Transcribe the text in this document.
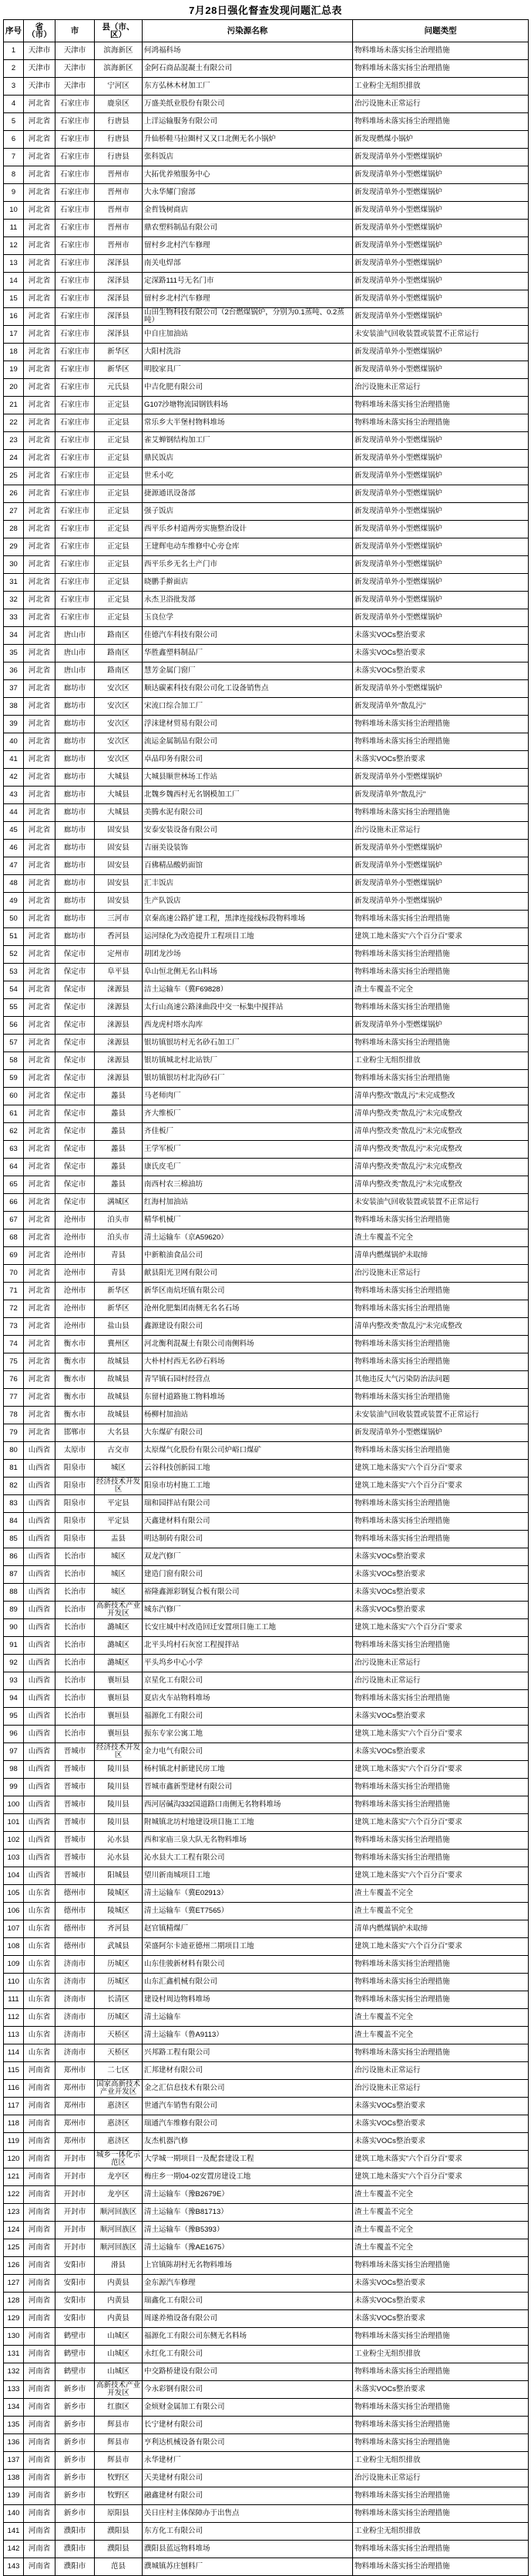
7月28日强化督查发现问题汇总表
序号	省（市）	市	县（市、区）	污染源名称	问题类型
1	天津市	天津市	滨海新区	何鸿福科场	物料堆场未落实扬尘治理措施
2	天津市	天津市	滨海新区	金阿石商品混凝土有限公司	物料堆场未落实扬尘治理措施
3	天津市	天津市	宁河区	东方弘林木材加工厂	工业粉尘无组织排放
4	河北省	石家庄市	鹿泉区	万盛美纸业股份有限公司	治污设施未正常运行
5	河北省	石家庄市	行唐县	上洋运输服务有限公司	物料堆场未落实扬尘治理措施
6	河北省	石家庄市	行唐县	升仙桥鞋马拉圈村又又口北侧无名小锅炉	新发现燃煤小锅炉
7	河北省	石家庄市	行唐县	张科饭店	新发现清单外小型燃煤锅炉
8	河北省	石家庄市	晋州市	大拓优养殖服务中心	新发现清单外小型燃煤锅炉
9	河北省	石家庄市	晋州市	大永华耀门窗部	新发现清单外小型燃煤锅炉
10	河北省	石家庄市	晋州市	金哲钱树商店	新发现清单外小型燃煤锅炉
11	河北省	石家庄市	晋州市	鼎农塑料制品有限公司	新发现清单外小型燃煤锅炉
12	河北省	石家庄市	晋州市	留村乡北村汽车修理	新发现清单外小型燃煤锅炉
13	河北省	石家庄市	深泽县	南关电焊部	新发现清单外小型燃煤锅炉
14	河北省	石家庄市	深泽县	定深路111号无名门市	新发现清单外小型燃煤锅炉
15	河北省	石家庄市	深泽县	留村乡北村汽车修理	新发现清单外小型燃煤锅炉
16	河北省	石家庄市	深泽县	山田生物科技有限公司（2台燃煤锅炉，分别为0.1蒸吨、0.2蒸吨）	新发现清单外小型燃煤锅炉
17	河北省	石家庄市	深泽县	中自庄加油站	未安装油气回收装置或装置不正常运行
18	河北省	石家庄市	新华区	大阳村洗浴	新发现清单外小型燃煤锅炉
19	河北省	石家庄市	新华区	明胶家具厂	新发现清单外小型燃煤锅炉
20	河北省	石家庄市	元氏县	中吉化肥有限公司	治污设施未正常运行
21	河北省	石家庄市	正定县	G107沙塘物流园钢铁料场	物料堆场未落实扬尘治理措施
22	河北省	石家庄市	正定县	常乐乡大半堡村物料堆场	物料堆场未落实扬尘治理措施
23	河北省	石家庄市	正定县	雀艾蝉钢结构加工厂	新发现清单外小型燃煤锅炉
24	河北省	石家庄市	正定县	鼎民饭店	新发现清单外小型燃煤锅炉
25	河北省	石家庄市	正定县	世禾小吃	新发现清单外小型燃煤锅炉
26	河北省	石家庄市	正定县	捷源通讯设备部	新发现清单外小型燃煤锅炉
27	河北省	石家庄市	正定县	强子饭店	新发现清单外小型燃煤锅炉
28	河北省	石家庄市	正定县	西平乐乡村道两旁实施整治设计	新发现清单外小型燃煤锅炉
29	河北省	石家庄市	正定县	王建辉电动车维修中心旁仓库	新发现清单外小型燃煤锅炉
30	河北省	石家庄市	正定县	西平乐乡无名土产门市	新发现清单外小型燃煤锅炉
31	河北省	石家庄市	正定县	晓鹏手擀面店	新发现清单外小型燃煤锅炉
32	河北省	石家庄市	正定县	永杰卫浴批发部	新发现清单外小型燃煤锅炉
33	河北省	石家庄市	正定县	玉良位学	新发现清单外小型燃煤锅炉
34	河北省	唐山市	路南区	佳德汽车科技有限公司	未落实VOCs整治要求
35	河北省	唐山市	路南区	华胜鑫塑料制品厂	未落实VOCs整治要求
36	河北省	唐山市	路南区	慧芳金属门窗厂	未落实VOCs整治要求
37	河北省	廊坊市	安次区	顺达碳素科技有限公司化工设备销售点	新发现清单外小型燃煤锅炉
38	河北省	廊坊市	安次区	宋流口综合加工厂	新发现清单外"散乱污"
39	河北省	廊坊市	安次区	浮沫建材贸易有限公司	物料堆场未落实扬尘治理措施
40	河北省	廊坊市	安次区	流运金属制品有限公司	物料堆场未落实扬尘治理措施
41	河北省	廊坊市	安次区	卓品印务有限公司	未落实VOCs整治要求
42	河北省	廊坊市	大城县	大城县顺世林场工作站	新发现清单外小型燃煤锅炉
43	河北省	廊坊市	大城县	北魏乡魏西村无名钢模加工厂	新发现清单外"散乱污"
44	河北省	廊坊市	大城县	美腾水泥有限公司	物料堆场未落实扬尘治理措施
45	河北省	廊坊市	固安县	安泰安装设备有限公司	治污设施未正常运行
46	河北省	廊坊市	固安县	吉丽美设装饰	新发现清单外小型燃煤锅炉
47	河北省	廊坊市	固安县	百佛精品酸奶面馆	新发现清单外小型燃煤锅炉
48	河北省	廊坊市	固安县	汇丰饭店	新发现清单外小型燃煤锅炉
49	河北省	廊坊市	固安县	生产队饭店	新发现清单外小型燃煤锅炉
50	河北省	廊坊市	三河市	京秦高速公路扩建工程，黑津连接线标段物料堆场	物料堆场未落实扬尘治理措施
51	河北省	廊坊市	香河县	运河绿化为改造提升工程项目工地	建筑工地未落实"六个百分百"要求
52	河北省	保定市	定州市	胡团龙沙场	物料堆场未落实扬尘治理措施
53	河北省	保定市	阜平县	阜山恒北侧无名山料场	物料堆场未落实扬尘治理措施
54	河北省	保定市	涞源县	洁土运输车（冀F69828）	渣土车覆盖不完全
55	河北省	保定市	涞源县	太行山高速公路涞曲段中交一标集中搅拌站	物料堆场未落实扬尘治理措施
56	河北省	保定市	涞源县	西龙虎村塔水沟库	新发现清单外小型燃煤锅炉
57	河北省	保定市	涞源县	银坊镇银坊村无名砂石加工厂	物料堆场未落实扬尘治理措施
58	河北省	保定市	涞源县	银坊镇城北村北站铁厂	工业粉尘无组织排放
59	河北省	保定市	涞源县	银坊镇银坊村北沟砂石厂	物料堆场未落实扬尘治理措施
60	河北省	保定市	蠡县	马老师肉厂	清单内整改"散乱污"未完成整改
61	河北省	保定市	蠡县	齐大维板厂	清单内整改类"散乱污"未完成整改
62	河北省	保定市	蠡县	齐佳板厂	清单内整改类"散乱污"未完成整改
63	河北省	保定市	蠡县	王学军板厂	清单内整改类"散乱污"未完成整改
64	河北省	保定市	蠡县	康氏皮毛厂	清单内整改类"散乱污"未完成整改
65	河北省	保定市	蠡县	南西村农三棉油坊	清单内整改类"散乱污"未完成整改
66	河北省	保定市	满城区	红海村加油站	未安装油气回收装置或装置不正常运行
67	河北省	沧州市	泊头市	精华机械厂	物料堆场未落实扬尘治理措施
68	河北省	沧州市	泊头市	清土运输车（京A59620）	渣土车覆盖不完全
69	河北省	沧州市	青县	中新粮油食品公司	清单内燃煤锅炉未取缔
70	河北省	沧州市	青县	献县阳光卫网有限公司	治污设施未正常运行
71	河北省	沧州市	新华区	新华区南炕坯镇有限公司	物料堆场未落实扬尘治理措施
72	河北省	沧州市	新华区	沧州化肥集团南侧无名名石场	物料堆场未落实扬尘治理措施
73	河北省	沧州市	盐山县	鑫源建设有限公司	清单内整改类"散乱污"未完成整改
74	河北省	衡水市	冀州区	河北衡利混凝土有限公司南侧料场	物料堆场未落实扬尘治理措施
75	河北省	衡水市	故城县	大朴村村西无名砂石料场	物料堆场未落实扬尘治理措施
76	河北省	衡水市	故城县	青罕镇石园村经营点	其他违反大气污染防治法问题
77	河北省	衡水市	故城县	东留村道路施工物料堆场	物料堆场未落实扬尘治理措施
78	河北省	衡水市	故城县	杨柳村加油站	未安装油气回收装置或装置不正常运行
79	河北省	邯郸市	大名县	大东煤矿有限公司	新发现清单外小型燃煤锅炉
80	山西省	太原市	古交市	太原煤气化股份有限公司炉峪口煤矿	物料堆场未落实扬尘治理措施
81	山西省	阳泉市	城区	云谷科技创新园工地	建筑工地未落实"六个百分百"要求
82	山西省	阳泉市	经济技术开发区	阳泉市坊村施工工地	建筑工地未落实"六个百分百"要求
83	山西省	阳泉市	平定县	瑞和园拌站有限公司	物料堆场未落实扬尘治理措施
84	山西省	阳泉市	平定县	天鑫建材料有限公司	物料堆场未落实扬尘治理措施
85	山西省	阳泉市	盂县	明达制砖有限公司	物料堆场未落实扬尘治理措施
86	山西省	长治市	城区	双龙汽修厂	未落实VOCs整治要求
87	山西省	长治市	城区	建造门窗有限公司	未落实VOCs整治要求
88	山西省	长治市	城区	裕隆鑫源彩钢复合板有限公司	未落实VOCs整治要求
89	山西省	长治市	高新技术产业开发区	城东汽修厂	未落实VOCs整治要求
90	山西省	长治市	潞城区	长安庄城中村改造回迁安置项目施工工地	建筑工地未落实"六个百分百"要求
91	山西省	长治市	潞城区	北平头坞村石灰窑工程搅拌站	物料堆场未落实扬尘治理措施
92	山西省	长治市	潞城区	平头坞乡中心小学	治污设施未正常运行
93	山西省	长治市	襄垣县	京星化工有限公司	治污设施未正常运行
94	山西省	长治市	襄垣县	夏店火车站物料堆场	物料堆场未落实扬尘治理措施
95	山西省	长治市	襄垣县	福源化工有限公司	未落实VOCs整治要求
96	山西省	长治市	襄垣县	振东专家公寓工地	建筑工地未落实"六个百分百"要求
97	山西省	晋城市	经济技术开发区	金力电气有限公司	未落实VOCs整治要求
98	山西省	晋城市	陵川县	杨村镇北村新建民房工地	建筑工地未落实"六个百分百"要求
99	山西省	晋城市	陵川县	晋城市鑫新型建材有限公司	物料堆场未落实扬尘治理措施
100	山西省	晋城市	陵川县	西河居碱沟332国道路口南侧无名物料堆场	物料堆场未落实扬尘治理措施
101	山西省	晋城市	陵川县	附城镇北坊村地建设项目施工工地	建筑工地未落实"六个百分百"要求
102	山西省	晋城市	沁水县	西和家庙三泉大队无名物料堆场	物料堆场未落实扬尘治理措施
103	山西省	晋城市	沁水县	沁水县大工工程有限公司	物料堆场未落实扬尘治理措施
104	山西省	晋城市	阳城县	望川新南城项目工地	建筑工地未落实"六个百分百"要求
105	山东省	德州市	陵城区	清土运输车（冀E02913）	渣土车覆盖不完全
106	山东省	德州市	陵城区	清土运输车（冀ET7565）	渣土车覆盖不完全
107	山东省	德州市	齐河县	赵官镇精煤厂	清单内燃煤锅炉未取缔
108	山东省	德州市	武城县	荣盛阿尔卡迪亚德州二期项目工地	建筑工地未落实"六个百分百"要求
109	山东省	济南市	历城区	山东佳骏新材料有限公司	物料堆场未落实扬尘治理措施
110	山东省	济南市	历城区	山东汇鑫机械有限公司	物料堆场未落实扬尘治理措施
111	山东省	济南市	长清区	建设村周边物料堆场	物料堆场未落实扬尘治理措施
112	山东省	济南市	历城区	清土运输车	渣土车覆盖不完全
113	山东省	济南市	天桥区	清土运输车（鲁A9113）	渣土车覆盖不完全
114	山东省	济南市	天桥区	兴邦路工程有限公司	物料堆场未落实扬尘治理措施
115	河南省	郑州市	二七区	汇邦建材有限公司	治污设施未正常运行
116	河南省	郑州市	国家高新技术产业开发区	金之汇信息技术有限公司	治污设施未正常运行
117	河南省	郑州市	惠济区	世通汽车销售有限公司	未落实VOCs整治要求
118	河南省	郑州市	惠济区	瑞通汽车维修有限公司	未落实VOCs整治要求
119	河南省	郑州市	惠济区	友杰机器汽修	未落实VOCs整治要求
120	河南省	开封市	城乡一体化示范区	大学城一期项目一及配套建设工程	建筑工地未落实"六个百分百"要求
121	河南省	开封市	龙亭区	梅庄乡一期04-02安置房建设工地	建筑工地未落实"六个百分百"要求
122	河南省	开封市	龙亭区	清土运输车（豫B2679E）	渣土车覆盖不完全
123	河南省	开封市	顺河回族区	清土运输车（豫B81713）	渣土车覆盖不完全
124	河南省	开封市	顺河回族区	清土运输车（豫B5393）	渣土车覆盖不完全
125	河南省	开封市	顺河回族区	清土运输车（豫AE1675）	渣土车覆盖不完全
126	河南省	安阳市	滑县	上官镇陈胡村无名物料堆场	物料堆场未落实扬尘治理措施
127	河南省	安阳市	内黄县	金东源汽车修理	未落实VOCs整治要求
128	河南省	安阳市	内黄县	瑞鑫化工有限公司	未落实VOCs整治要求
129	河南省	安阳市	内黄县	周遂养殖设备有限公司	未落实VOCs整治要求
130	河南省	鹤壁市	山城区	福源化工有限公司东侧无名料场	物料堆场未落实扬尘治理措施
131	河南省	鹤壁市	山城区	永红化工有限公司	工业粉尘无组织排放
132	河南省	鹤壁市	山城区	中交路桥建设有限公司	物料堆场未落实扬尘治理措施
133	河南省	新乡市	高新技术产业开发区	今永彩钢有限公司	未落实VOCs整治要求
134	河南省	新乡市	红旗区	金烦财金属加工有限公司	物料堆场未落实扬尘治理措施
135	河南省	新乡市	辉县市	长宁建材有限公司	物料堆场未落实扬尘治理措施
136	河南省	新乡市	辉县市	亨利达机械设备有限公司	物料堆场未落实扬尘治理措施
137	河南省	新乡市	辉县市	永华建材厂	工业粉尘无组织排放
138	河南省	新乡市	牧野区	天美建材有限公司	治污设施未正常运行
139	河南省	新乡市	牧野区	融鑫建材有限公司	物料堆场未落实扬尘治理措施
140	河南省	新乡市	原阳县	关日庄村主体保障办于出售点	物料堆场未落实扬尘治理措施
141	河南省	濮阳市	濮阳县	东方化工有限公司	工业粉尘无组织排放
142	河南省	濮阳市	濮阳县	濮阳县蓝远物料堆场	物料堆场未落实扬尘治理措施
143	河南省	濮阳市	范县	濮城镇苏庄刨料厂	物料堆场未落实扬尘治理措施
